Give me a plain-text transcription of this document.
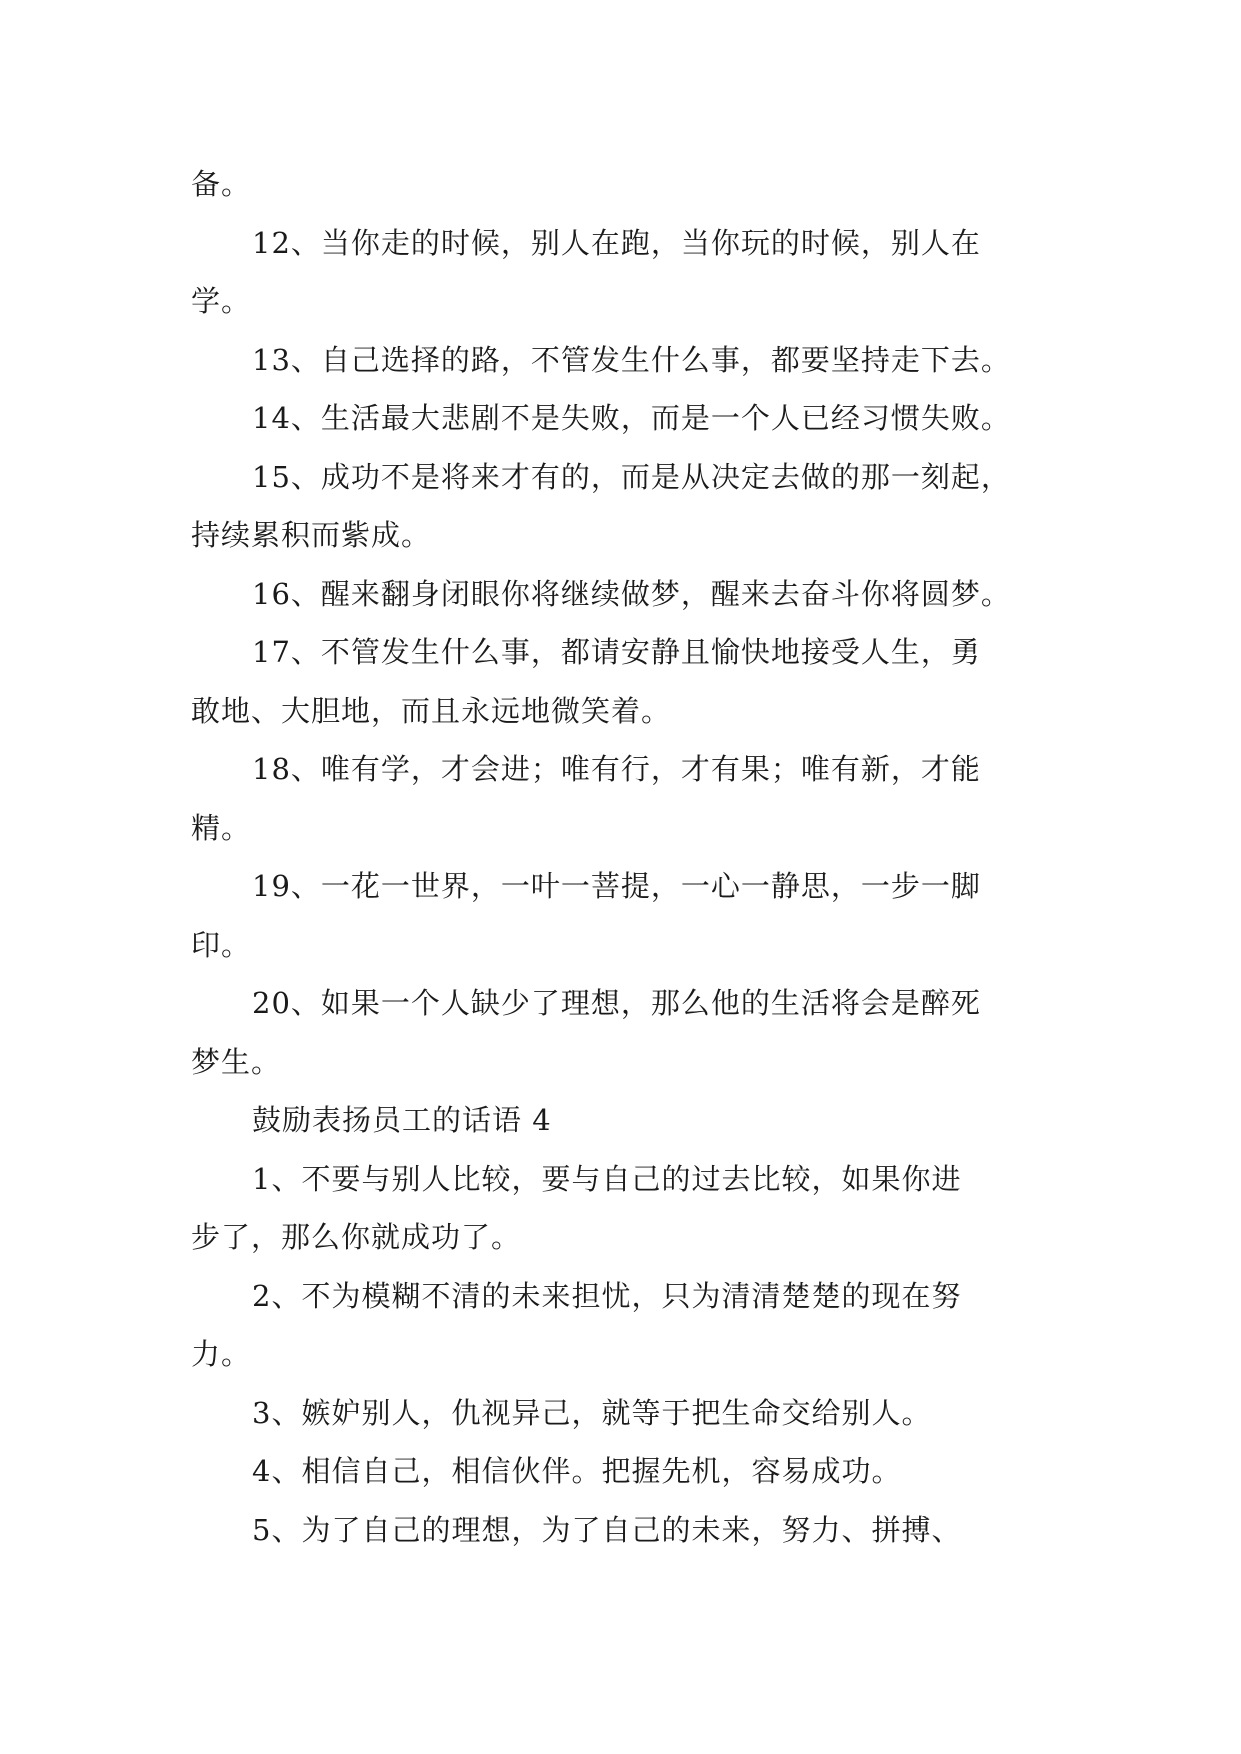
备。
12、当你走的时候，别人在跑，当你玩的时候，别人在
学。
13、自己选择的路，不管发生什么事，都要坚持走下去。
14、生活最大悲剧不是失败，而是一个人已经习惯失败。
15、成功不是将来才有的，而是从决定去做的那一刻起，
持续累积而紫成。
16、醒来翻身闭眼你将继续做梦，醒来去奋斗你将圆梦。
17、不管发生什么事，都请安静且愉快地接受人生，勇
敢地、大胆地，而且永远地微笑着。
18、唯有学，才会进；唯有行，才有果；唯有新，才能
精。
19、一花一世界，一叶一菩提，一心一静思，一步一脚
印。
20、如果一个人缺少了理想，那么他的生活将会是醉死
梦生。
鼓励表扬员工的话语 4
1、不要与别人比较，要与自己的过去比较，如果你进
步了，那么你就成功了。
2、不为模糊不清的未来担忧，只为清清楚楚的现在努
力。
3、嫉妒别人，仇视异己，就等于把生命交给别人。
4、相信自己，相信伙伴。把握先机，容易成功。
5、为了自己的理想，为了自己的未来，努力、拼搏、
